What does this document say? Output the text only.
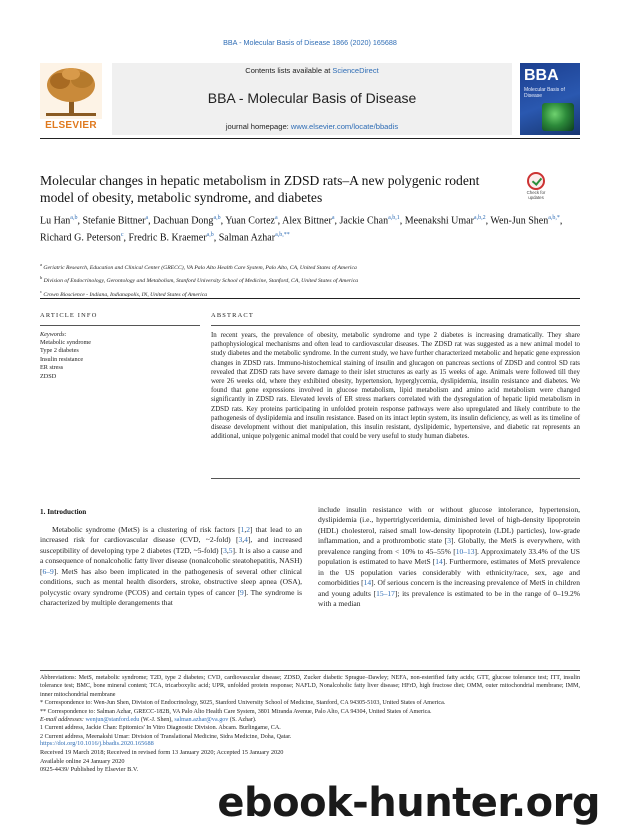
BBA - Molecular Basis of Disease 1866 (2020) 165688
ELSEVIER
Contents lists available at ScienceDirect
BBA - Molecular Basis of Disease
journal homepage: www.elsevier.com/locate/bbadis
BBA
Molecular Basis of Disease
Molecular changes in hepatic metabolism in ZDSD rats–A new polygenic rodent model of obesity, metabolic syndrome, and diabetes	Check for updates
Lu Han$^{a,b}$, Stefanie Bittner$^a$, Dachuan Dong$^{a,b}$, Yuan Cortez$^a$, Alex Bittner$^a$, Jackie Chan$^{a,b,1}$, Meenakshi Umar$^{a,b,2}$, Wen-Jun Shen$^{a,b,*}$, Richard G. Peterson$^c$, Fredric B. Kraemer$^{a,b}$, Salman Azhar$^{a,b,**}$
$^a$ Geriatric Research, Education and Clinical Center (GRECC), VA Palo Alto Health Care System, Palo Alto, CA, United States of America
$^b$ Division of Endocrinology, Gerontology and Metabolism, Stanford University School of Medicine, Stanford, CA, United States of America
$^c$ Crown Bioscience - Indiana, Indianapolis, IN, United States of America
ARTICLE INFO	ABSTRACT
Keywords:
Metabolic syndrome
Type 2 diabetes
Insulin resistance
ER stress
ZDSD
In recent years, the prevalence of obesity, metabolic syndrome and type 2 diabetes is increasing dramatically. They share pathophysiological mechanisms and often lead to cardiovascular diseases. The ZDSD rat was suggested as a new animal model to study diabetes and the metabolic syndrome. In the current study, we have further characterized metabolic and hepatic gene expression changes in ZDSD rats. Immuno-histochemical staining of insulin and glucagon on pancreas sections of ZDSD and control SD rats revealed that ZDSD rats have severe damage to their islet structures as early as 15 weeks of age. Animals were followed till they were 26 weeks old, where they exhibited obesity, hypertension, hyperglycemia, dyslipidemia, insulin resistance and diabetes. We found that gene expressions involved in glucose metabolism, lipid metabolism and amino acid metabolism were changed significantly in ZDSD rats. Elevated levels of ER stress markers correlated with the dysregulation of hepatic lipid metabolism in ZDSD rats. Key proteins participating in unfolded protein response pathways were also upregulated and likely contribute to the pathogenesis of dyslipidemia and insulin resistance. Based on its intact leptin system, its insulin deficiency, as well as its timeline of disease development without diet manipulation, this insulin resistant, dyslipidemic, hypertensive, and diabetic rat represents an additional, unique polygenic animal model that could be very useful to study human diabetes.
1. Introduction
Metabolic syndrome (MetS) is a clustering of risk factors [1,2] that lead to an increased risk for cardiovascular disease (CVD, ~2-fold) [3,4], and increased susceptibility of developing type 2 diabetes (T2D, ~5-fold) [3,5]. It is also a cause and a consequence of nonalcoholic fatty liver disease (nonalcoholic steatohepatitis, NASH) [6–9]. MetS has also been implicated in the pathogenesis of several other clinical conditions, such as mental health disorders, stroke, obstructive sleep apnea (OSA), polycystic ovary syndrome (PCOS) and certain types of cancer [9]. The syndrome is characterized by multiple derangements that
include insulin resistance with or without glucose intolerance, hypertension, dyslipidemia (i.e., hypertriglyceridemia, diminished level of high-density lipoprotein (HDL) cholesterol, raised small low-density lipoprotein (LDL) particles), low-grade inflammation, and a prothrombotic state [3]. Globally, the MetS is everywhere, with prevalence ranging from < 10% to 45–55% [10–13]. Approximately 33.4% of the US population is estimated to have MetS [14]. Furthermore, estimates of MetS prevalence in the US population varies considerably with ethnicity/race, sex, age and comorbidities [14]. Of serious concern is the increasing prevalence of MetS in children and young adults [15–17]; its prevalence is estimated to be in the range of 0–19.2% with a median

Abbreviations: MetS, metabolic syndrome; T2D, type 2 diabetes; CVD, cardiovascular disease; ZDSD, Zucker diabetic Sprague–Dawley; NEFA, non-esterified fatty acids; GTT, glucose tolerance test; ITT, insulin tolerance test; BMC, bone mineral content; TCA, tricarboxylic acid; UPR, unfolded protein response; NAFLD, Nonalcoholic fatty liver disease; HFrD, high fructose diet; OMM, outer mitochondrial membrane; IMM, inner mitochondrial membrane

* Correspondence to: Wen-Jun Shen, Division of Endocrinology, S025, Stanford University School of Medicine, Stanford, CA 94305-5103, United States of America.

** Correspondence to: Salman Azhar, GRECC-182B, VA Palo Alto Health Care System, 3801 Miranda Avenue, Palo Alto, CA 94304, United States of America.

E-mail addresses: wenjun@stanford.edu (W.-J. Shen), salman.azhar@va.gov (S. Azhar).

1 Current address, Jackie Chan: Epitomics' In Vitro Diagnostic Division. Abcam. Burlingame, CA.

2 Current address, Meenakshi Umar: Division of Translational Medicine, Sidra Medicine, Doha, Qatar.

https://doi.org/10.1016/j.bbadis.2020.165688
Received 19 March 2018; Received in revised form 13 January 2020; Accepted 15 January 2020
Available online 24 January 2020
0925-4439/ Published by Elsevier B.V.
ebook-hunter.org
